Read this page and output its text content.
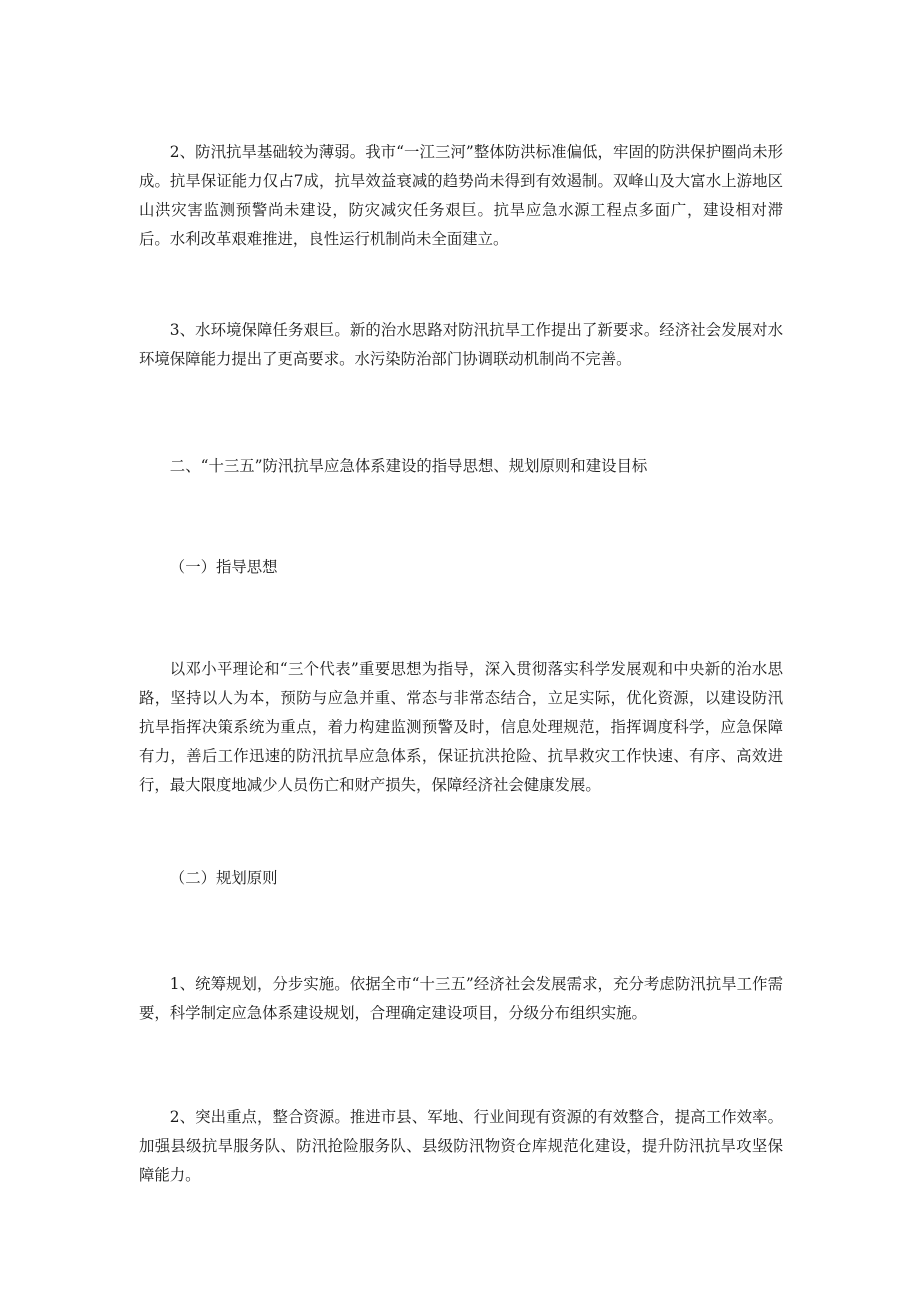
2、防汛抗旱基础较为薄弱。我市“一江三河”整体防洪标准偏低，牢固的防洪保护圈尚未形成。抗旱保证能力仅占7成，抗旱效益衰减的趋势尚未得到有效遏制。双峰山及大富水上游地区山洪灾害监测预警尚未建设，防灾减灾任务艰巨。抗旱应急水源工程点多面广，建设相对滞后。水利改革艰难推进，良性运行机制尚未全面建立。

3、水环境保障任务艰巨。新的治水思路对防汛抗旱工作提出了新要求。经济社会发展对水环境保障能力提出了更高要求。水污染防治部门协调联动机制尚不完善。

二、“十三五”防汛抗旱应急体系建设的指导思想、规划原则和建设目标

（一）指导思想

以邓小平理论和“三个代表”重要思想为指导，深入贯彻落实科学发展观和中央新的治水思路，坚持以人为本，预防与应急并重、常态与非常态结合，立足实际，优化资源，以建设防汛抗旱指挥决策系统为重点，着力构建监测预警及时，信息处理规范，指挥调度科学，应急保障有力，善后工作迅速的防汛抗旱应急体系，保证抗洪抢险、抗旱救灾工作快速、有序、高效进行，最大限度地减少人员伤亡和财产损失，保障经济社会健康发展。

（二）规划原则

1、统筹规划，分步实施。依据全市“十三五”经济社会发展需求，充分考虑防汛抗旱工作需要，科学制定应急体系建设规划，合理确定建设项目，分级分布组织实施。

2、突出重点，整合资源。推进市县、军地、行业间现有资源的有效整合，提高工作效率。加强县级抗旱服务队、防汛抢险服务队、县级防汛物资仓库规范化建设，提升防汛抗旱攻坚保障能力。
